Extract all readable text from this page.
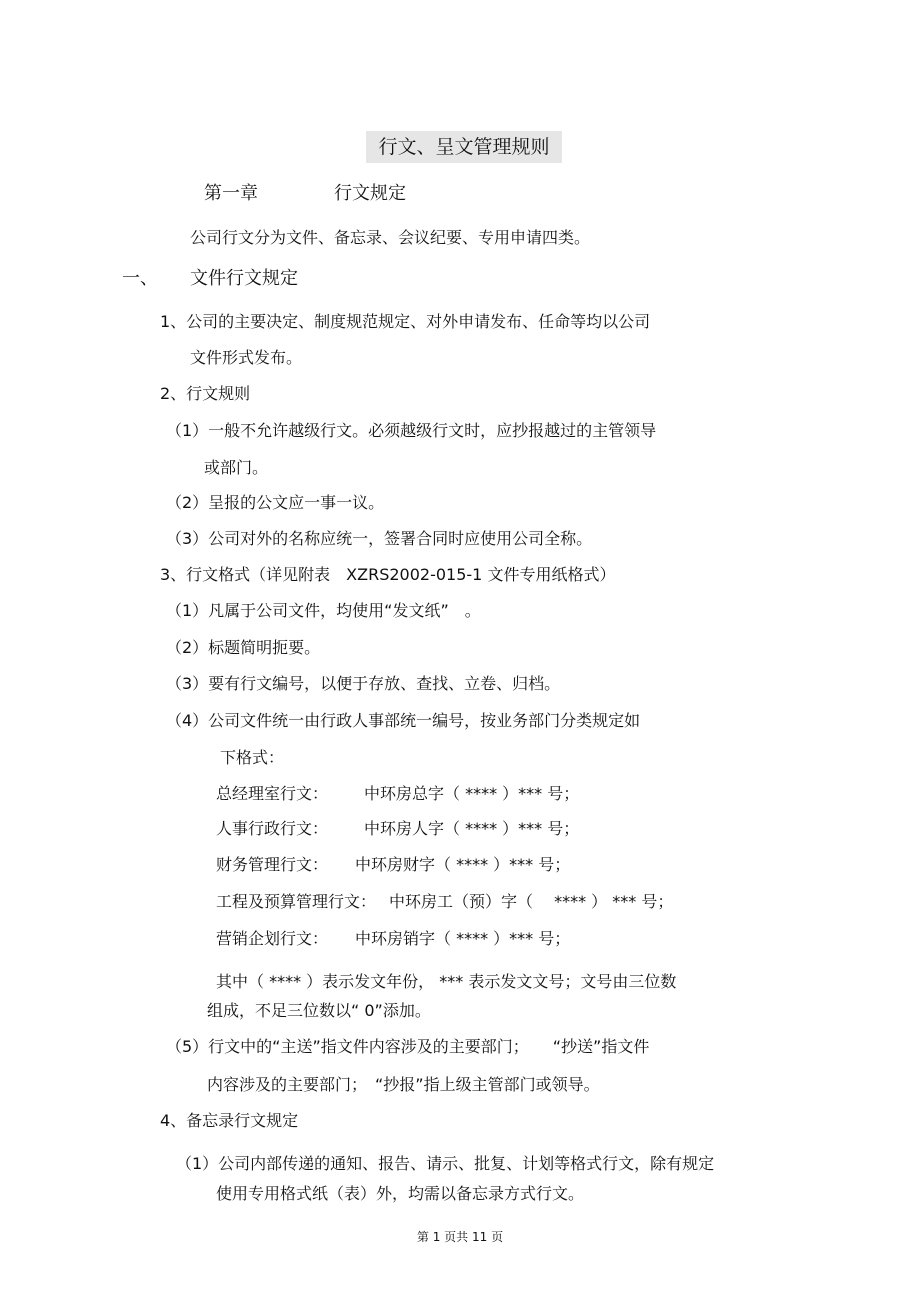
行文、呈文管理规则
第一章	行文规定
公司行文分为文件、备忘录、会议纪要、专用申请四类。
一、 文件行文规定
1、公司的主要决定、制度规范规定、对外申请发布、任命等均以公司
文件形式发布。
2、行文规则
（1）一般不允许越级行文。必须越级行文时，应抄报越过的主管领导
或部门。
（2）呈报的公文应一事一议。
（3）公司对外的名称应统一，签署合同时应使用公司全称。
3、行文格式（详见附表　XZRS2002-015-1 文件专用纸格式）
（1）凡属于公司文件，均使用“发文纸”　。
（2）标题简明扼要。
（3）要有行文编号，以便于存放、查找、立卷、归档。
（4）公司文件统一由行政人事部统一编号，按业务部门分类规定如
下格式：
总经理室行文： 中环房总字（ **** ）*** 号；
人事行政行文： 中环房人字（ **** ）*** 号；
财务管理行文： 中环房财字（ **** ）*** 号；
工程及预算管理行文： 中环房工（预）字（　 **** ） *** 号；
营销企划行文： 中环房销字（ **** ）*** 号；
其中（ **** ）表示发文年份， *** 表示发文文号；文号由三位数
组成，不足三位数以“ 0”添加。
（5）行文中的“主送”指文件内容涉及的主要部门；　　“抄送”指文件
内容涉及的主要部门；　“抄报”指上级主管部门或领导。
4、备忘录行文规定
（1）公司内部传递的通知、报告、请示、批复、计划等格式行文，除有规定
使用专用格式纸（表）外，均需以备忘录方式行文。
第 1 页共 11 页
